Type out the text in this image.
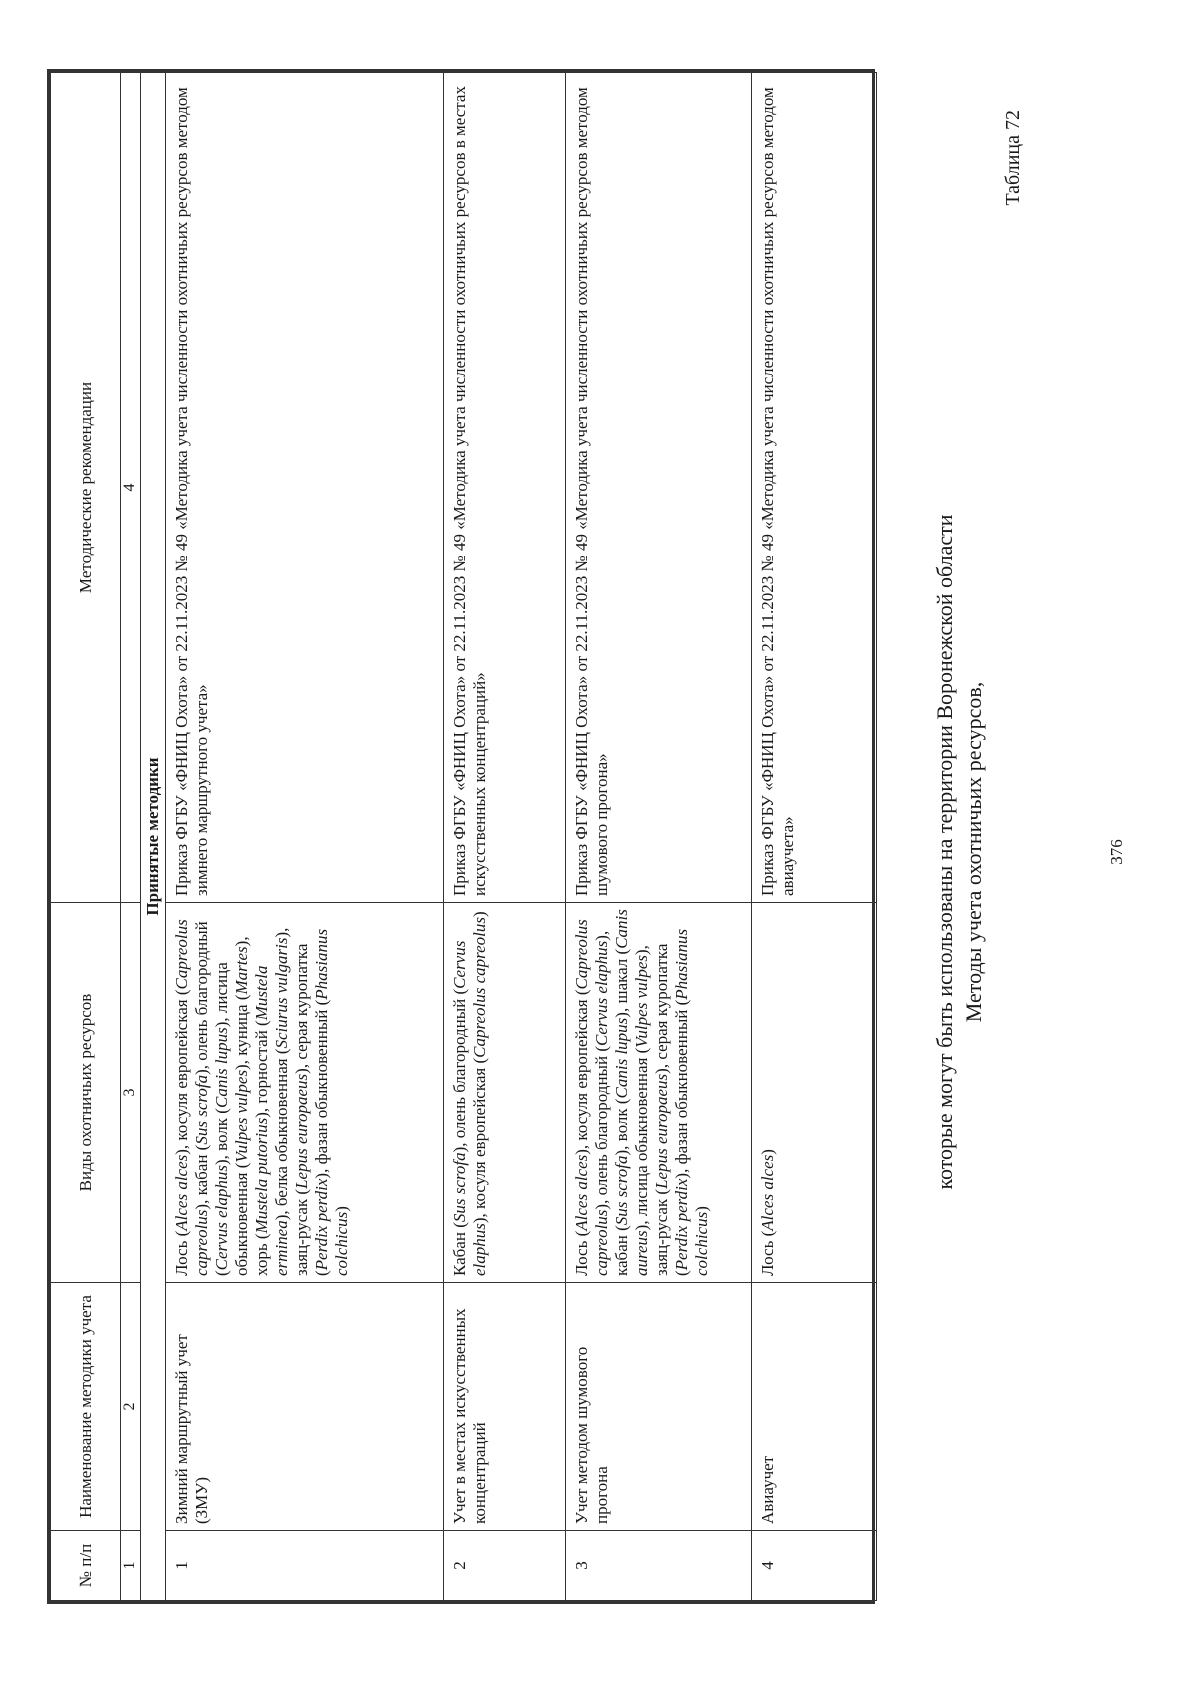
376
Таблица 72
Методы учета охотничьих ресурсов,
которые могут быть использованы на территории Воронежской области
№ п/п	Наименование методики учета	Виды охотничьих ресурсов	Методические рекомендации
1	2	3	4
Принятые методики			
1	Зимний маршрутный учет (ЗМУ)	Лось (Alces alces), косуля европейская (Capreolus capreolus), кабан (Sus scrofa), олень благородный (Cervus elaphus), волк (Canis lupus), лисица обыкновенная (Vulpes vulpes), куница (Martes), хорь (Mustela putorius), горностай (Mustela erminea), белка обыкновенная (Sciurus vulgaris), заяц-русак (Lepus europaeus), серая куропатка (Perdix perdix), фазан обыкновенный (Phasianus colchicus)	Приказ ФГБУ «ФНИЦ Охота» от 22.11.2023 № 49 «Методика учета численности охотничьих ресурсов методом зимнего маршрутного учета»
2	Учет в местах искусственных концентраций	Кабан (Sus scrofa), олень благородный (Cervus elaphus), косуля европейская (Capreolus capreolus)	Приказ ФГБУ «ФНИЦ Охота» от 22.11.2023 № 49 «Методика учета численности охотничьих ресурсов в местах искусственных концентраций»
3	Учет методом шумового прогона	Лось (Alces alces), косуля европейская (Capreolus capreolus), олень благородный (Cervus elaphus), кабан (Sus scrofa), волк (Canis lupus), шакал (Canis aureus), лисица обыкновенная (Vulpes vulpes), заяц-русак (Lepus europaeus), серая куропатка (Perdix perdix), фазан обыкновенный (Phasianus colchicus)	Приказ ФГБУ «ФНИЦ Охота» от 22.11.2023 № 49 «Методика учета численности охотничьих ресурсов методом шумового прогона»
4	Авиаучет	Лось (Alces alces)	Приказ ФГБУ «ФНИЦ Охота» от 22.11.2023 № 49 «Методика учета численности охотничьих ресурсов методом авиаучета»
